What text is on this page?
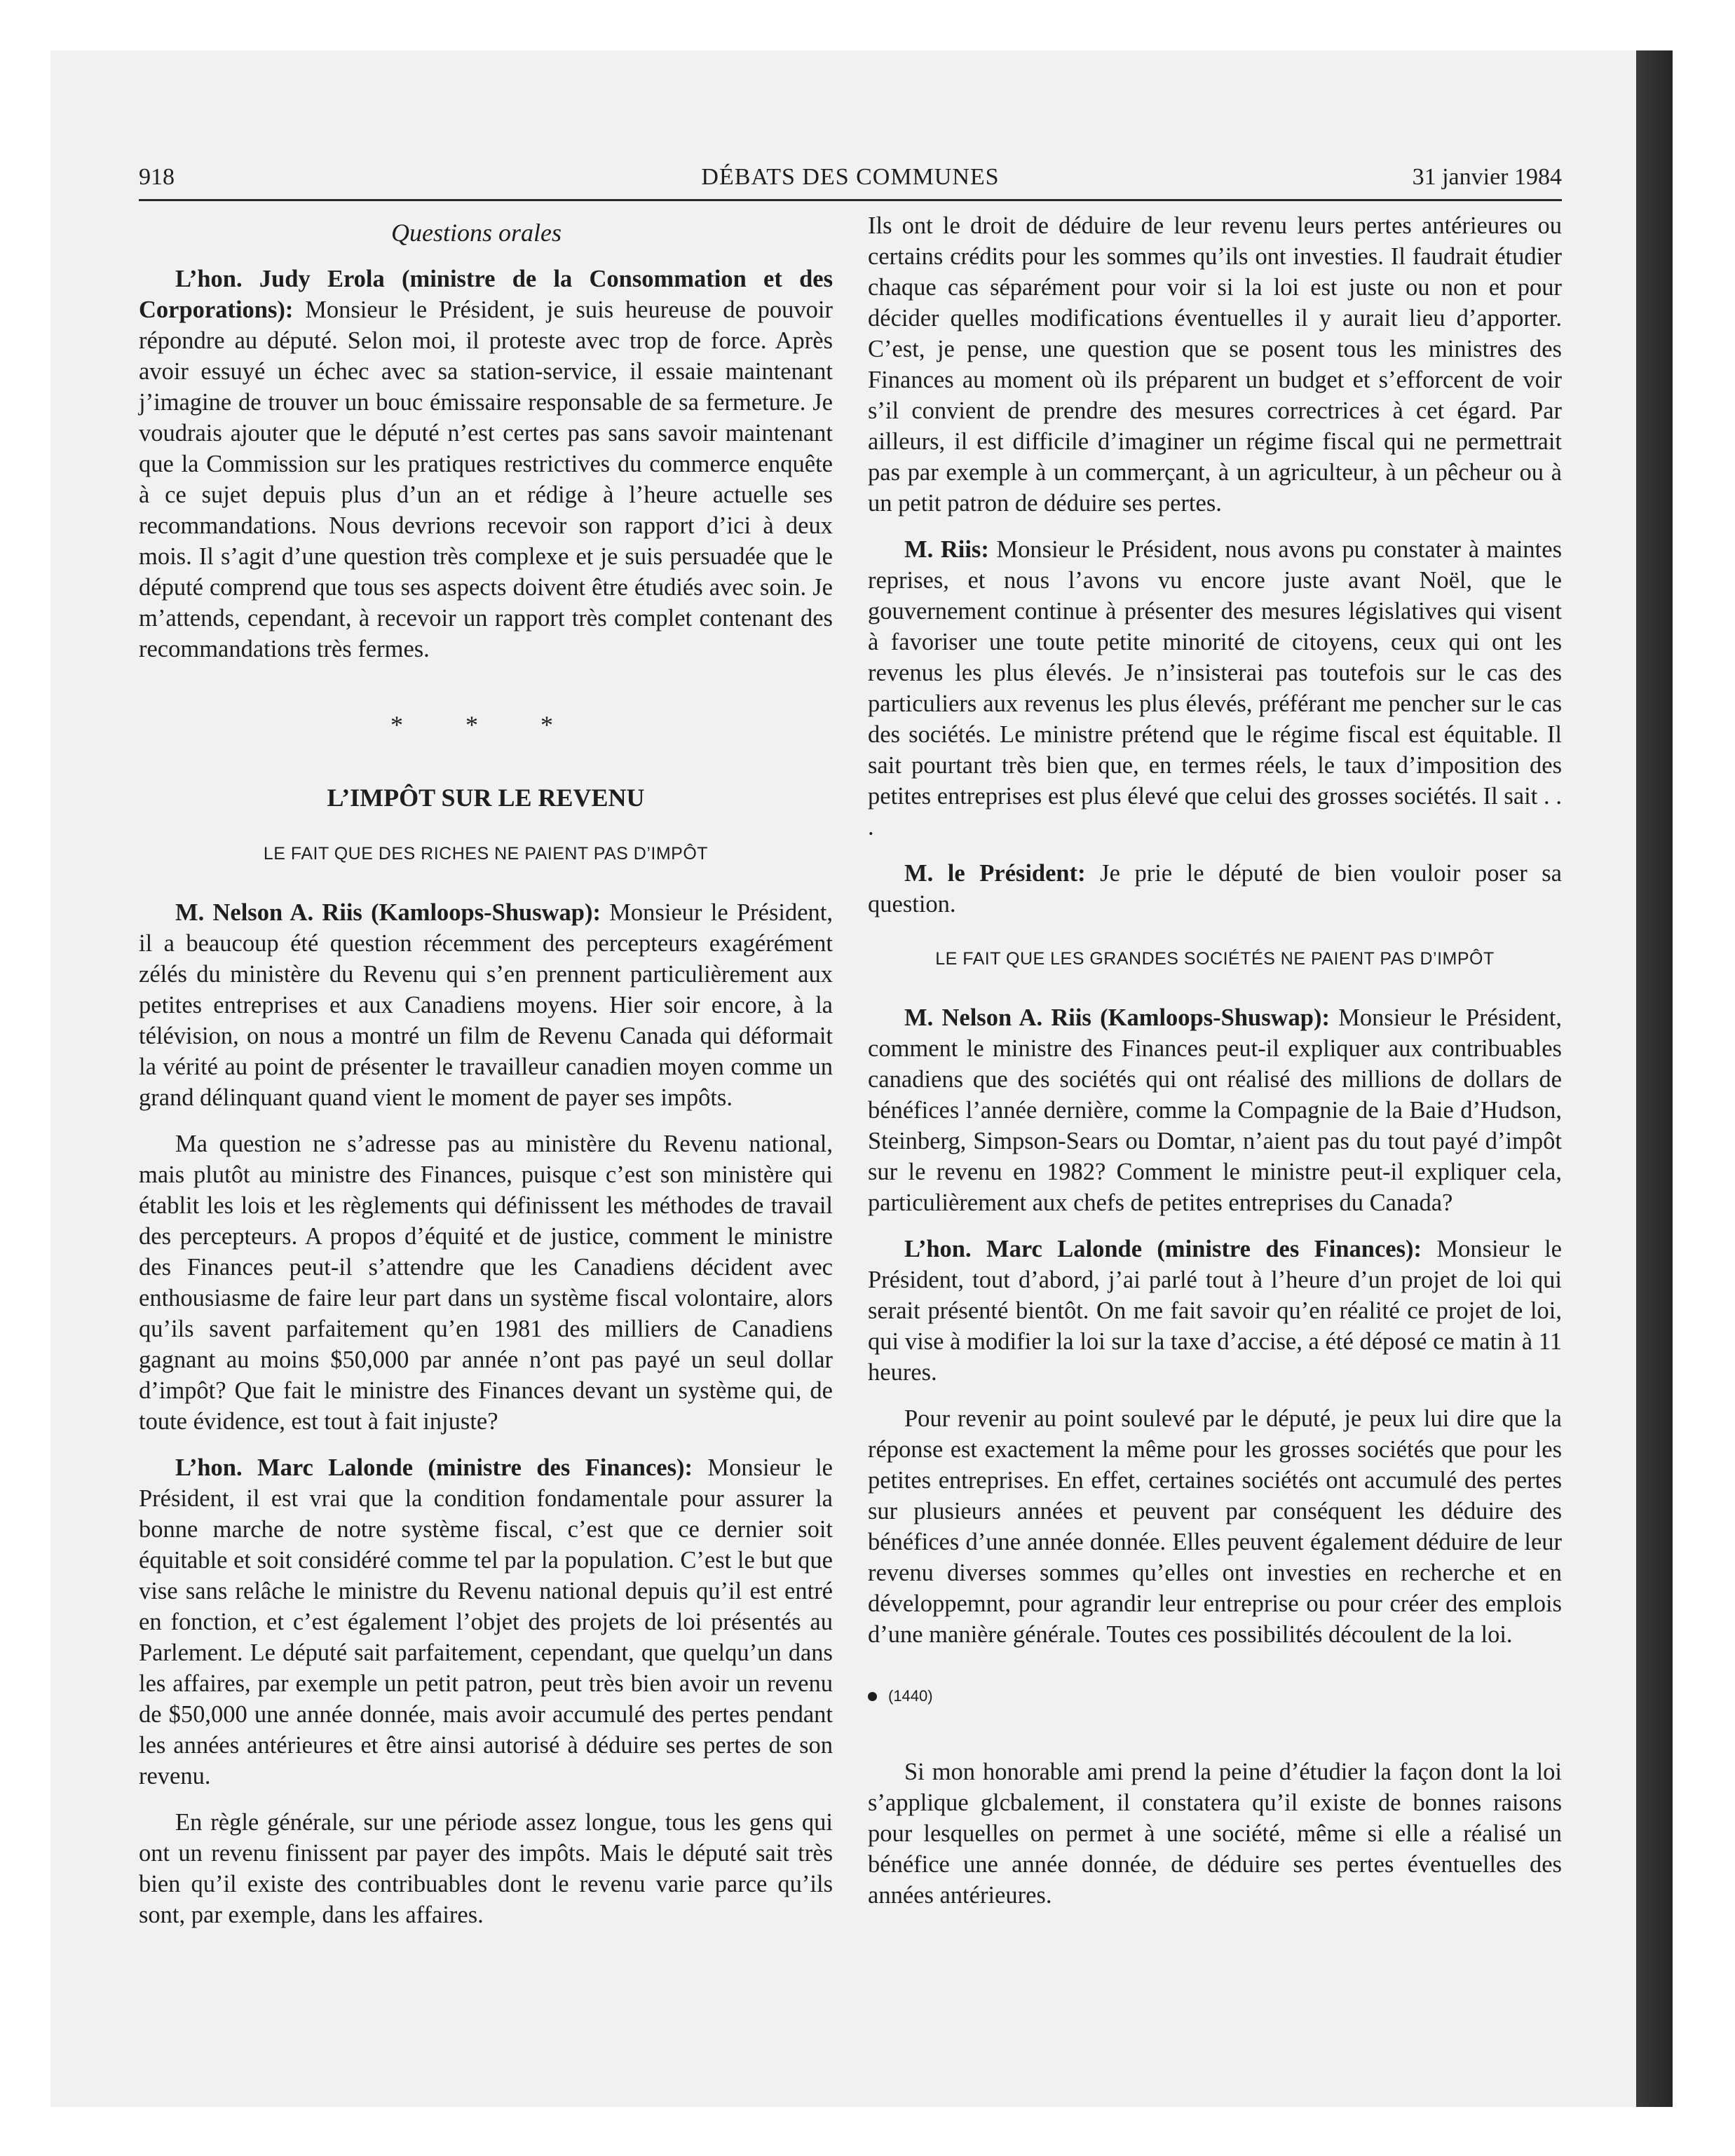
918	DÉBATS DES COMMUNES	31 janvier 1984
Questions orales

L’hon. Judy Erola (ministre de la Consommation et des Corporations): Monsieur le Président, je suis heureuse de pouvoir répondre au député. Selon moi, il proteste avec trop de force. Après avoir essuyé un échec avec sa station-service, il essaie maintenant j’imagine de trouver un bouc émissaire responsable de sa fermeture. Je voudrais ajouter que le député n’est certes pas sans savoir maintenant que la Commission sur les pratiques restrictives du commerce enquête à ce sujet depuis plus d’un an et rédige à l’heure actuelle ses recommandations. Nous devrions recevoir son rapport d’ici à deux mois. Il s’agit d’une question très complexe et je suis persuadée que le député comprend que tous ses aspects doivent être étudiés avec soin. Je m’attends, cependant, à recevoir un rapport très complet contenant des recommandations très fermes.

* * *
L’IMPÔT SUR LE REVENU
LE FAIT QUE DES RICHES NE PAIENT PAS D’IMPÔT

M. Nelson A. Riis (Kamloops-Shuswap): Monsieur le Président, il a beaucoup été question récemment des percepteurs exagérément zélés du ministère du Revenu qui s’en prennent particulièrement aux petites entreprises et aux Canadiens moyens. Hier soir encore, à la télévision, on nous a montré un film de Revenu Canada qui déformait la vérité au point de présenter le travailleur canadien moyen comme un grand délinquant quand vient le moment de payer ses impôts.

Ma question ne s’adresse pas au ministère du Revenu national, mais plutôt au ministre des Finances, puisque c’est son ministère qui établit les lois et les règlements qui définissent les méthodes de travail des percepteurs. A propos d’équité et de justice, comment le ministre des Finances peut-il s’attendre que les Canadiens décident avec enthousiasme de faire leur part dans un système fiscal volontaire, alors qu’ils savent parfaitement qu’en 1981 des milliers de Canadiens gagnant au moins $50,000 par année n’ont pas payé un seul dollar d’impôt? Que fait le ministre des Finances devant un système qui, de toute évidence, est tout à fait injuste?

L’hon. Marc Lalonde (ministre des Finances): Monsieur le Président, il est vrai que la condition fondamentale pour assurer la bonne marche de notre système fiscal, c’est que ce dernier soit équitable et soit considéré comme tel par la population. C’est le but que vise sans relâche le ministre du Revenu national depuis qu’il est entré en fonction, et c’est également l’objet des projets de loi présentés au Parlement. Le député sait parfaitement, cependant, que quelqu’un dans les affaires, par exemple un petit patron, peut très bien avoir un revenu de $50,000 une année donnée, mais avoir accumulé des pertes pendant les années antérieures et être ainsi autorisé à déduire ses pertes de son revenu.

En règle générale, sur une période assez longue, tous les gens qui ont un revenu finissent par payer des impôts. Mais le député sait très bien qu’il existe des contribuables dont le revenu varie parce qu’ils sont, par exemple, dans les affaires.

Ils ont le droit de déduire de leur revenu leurs pertes antérieures ou certains crédits pour les sommes qu’ils ont investies. Il faudrait étudier chaque cas séparément pour voir si la loi est juste ou non et pour décider quelles modifications éventuelles il y aurait lieu d’apporter. C’est, je pense, une question que se posent tous les ministres des Finances au moment où ils préparent un budget et s’efforcent de voir s’il convient de prendre des mesures correctrices à cet égard. Par ailleurs, il est difficile d’imaginer un régime fiscal qui ne permettrait pas par exemple à un commerçant, à un agriculteur, à un pêcheur ou à un petit patron de déduire ses pertes.

M. Riis: Monsieur le Président, nous avons pu constater à maintes reprises, et nous l’avons vu encore juste avant Noël, que le gouvernement continue à présenter des mesures législatives qui visent à favoriser une toute petite minorité de citoyens, ceux qui ont les revenus les plus élevés. Je n’insisterai pas toutefois sur le cas des particuliers aux revenus les plus élevés, préférant me pencher sur le cas des sociétés. Le ministre prétend que le régime fiscal est équitable. Il sait pourtant très bien que, en termes réels, le taux d’imposition des petites entreprises est plus élevé que celui des grosses sociétés. Il sait . . .

M. le Président: Je prie le député de bien vouloir poser sa question.

LE FAIT QUE LES GRANDES SOCIÉTÉS NE PAIENT PAS D’IMPÔT

M. Nelson A. Riis (Kamloops-Shuswap): Monsieur le Président, comment le ministre des Finances peut-il expliquer aux contribuables canadiens que des sociétés qui ont réalisé des millions de dollars de bénéfices l’année dernière, comme la Compagnie de la Baie d’Hudson, Steinberg, Simpson-Sears ou Domtar, n’aient pas du tout payé d’impôt sur le revenu en 1982? Comment le ministre peut-il expliquer cela, particulièrement aux chefs de petites entreprises du Canada?

L’hon. Marc Lalonde (ministre des Finances): Monsieur le Président, tout d’abord, j’ai parlé tout à l’heure d’un projet de loi qui serait présenté bientôt. On me fait savoir qu’en réalité ce projet de loi, qui vise à modifier la loi sur la taxe d’accise, a été déposé ce matin à 11 heures.

Pour revenir au point soulevé par le député, je peux lui dire que la réponse est exactement la même pour les grosses sociétés que pour les petites entreprises. En effet, certaines sociétés ont accumulé des pertes sur plusieurs années et peuvent par conséquent les déduire des bénéfices d’une année donnée. Elles peuvent également déduire de leur revenu diverses sommes qu’elles ont investies en recherche et en développemnt, pour agrandir leur entreprise ou pour créer des emplois d’une manière générale. Toutes ces possibilités découlent de la loi.

(1440)

Si mon honorable ami prend la peine d’étudier la façon dont la loi s’applique glcbalement, il constatera qu’il existe de bonnes raisons pour lesquelles on permet à une société, même si elle a réalisé un bénéfice une année donnée, de déduire ses pertes éventuelles des années antérieures.
